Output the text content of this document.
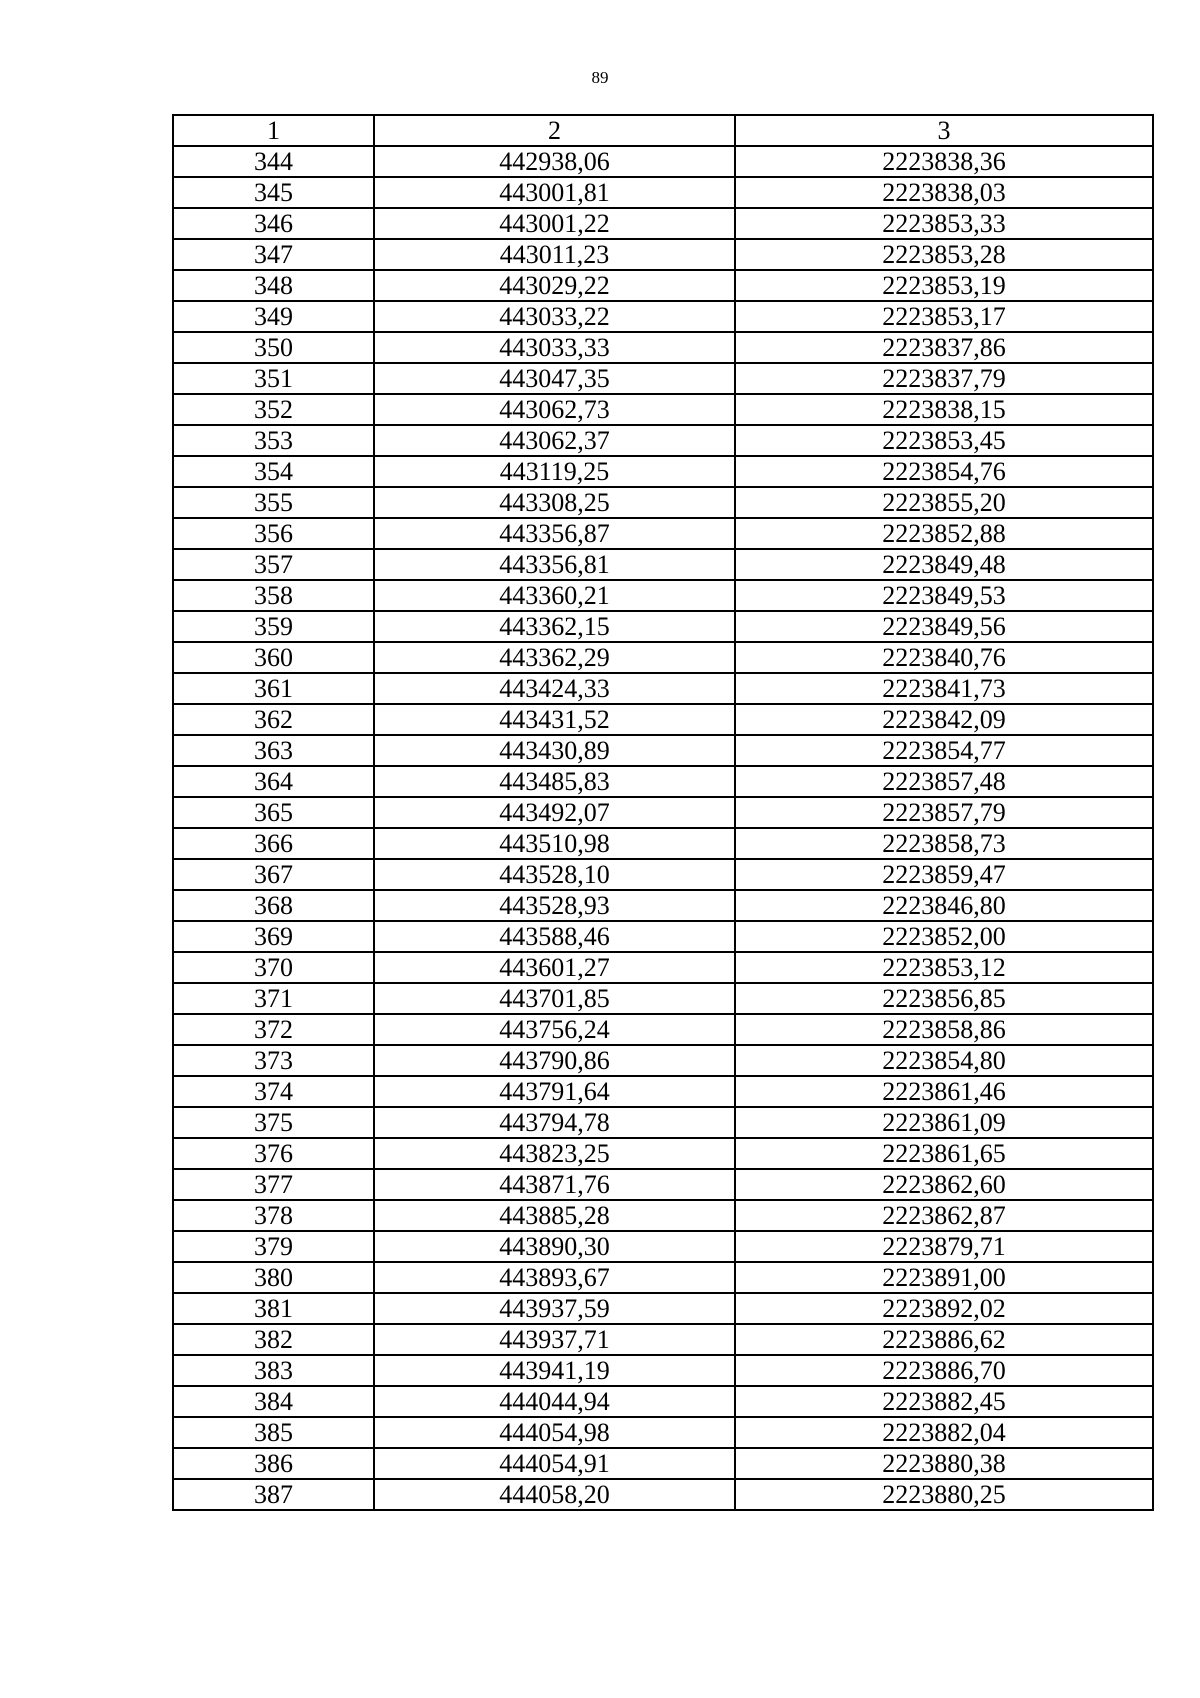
89
1	2	3
344	442938,06	2223838,36
345	443001,81	2223838,03
346	443001,22	2223853,33
347	443011,23	2223853,28
348	443029,22	2223853,19
349	443033,22	2223853,17
350	443033,33	2223837,86
351	443047,35	2223837,79
352	443062,73	2223838,15
353	443062,37	2223853,45
354	443119,25	2223854,76
355	443308,25	2223855,20
356	443356,87	2223852,88
357	443356,81	2223849,48
358	443360,21	2223849,53
359	443362,15	2223849,56
360	443362,29	2223840,76
361	443424,33	2223841,73
362	443431,52	2223842,09
363	443430,89	2223854,77
364	443485,83	2223857,48
365	443492,07	2223857,79
366	443510,98	2223858,73
367	443528,10	2223859,47
368	443528,93	2223846,80
369	443588,46	2223852,00
370	443601,27	2223853,12
371	443701,85	2223856,85
372	443756,24	2223858,86
373	443790,86	2223854,80
374	443791,64	2223861,46
375	443794,78	2223861,09
376	443823,25	2223861,65
377	443871,76	2223862,60
378	443885,28	2223862,87
379	443890,30	2223879,71
380	443893,67	2223891,00
381	443937,59	2223892,02
382	443937,71	2223886,62
383	443941,19	2223886,70
384	444044,94	2223882,45
385	444054,98	2223882,04
386	444054,91	2223880,38
387	444058,20	2223880,25
